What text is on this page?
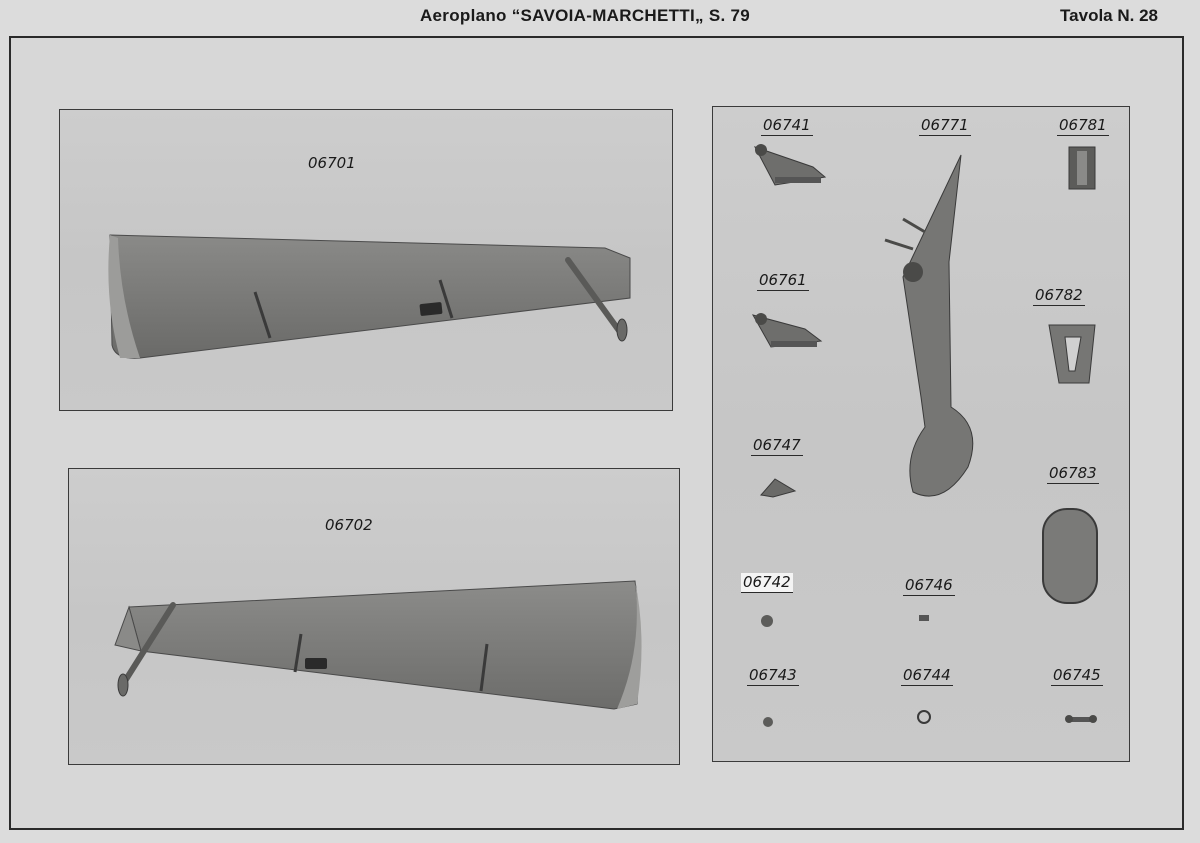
Aeroplano “SAVOIA-MARCHETTI„ S. 79	Tavola N. 28
06701
06702
06741	06771	06781
06761
06782
06747
06783
06742	06746
06743	06744	06745
